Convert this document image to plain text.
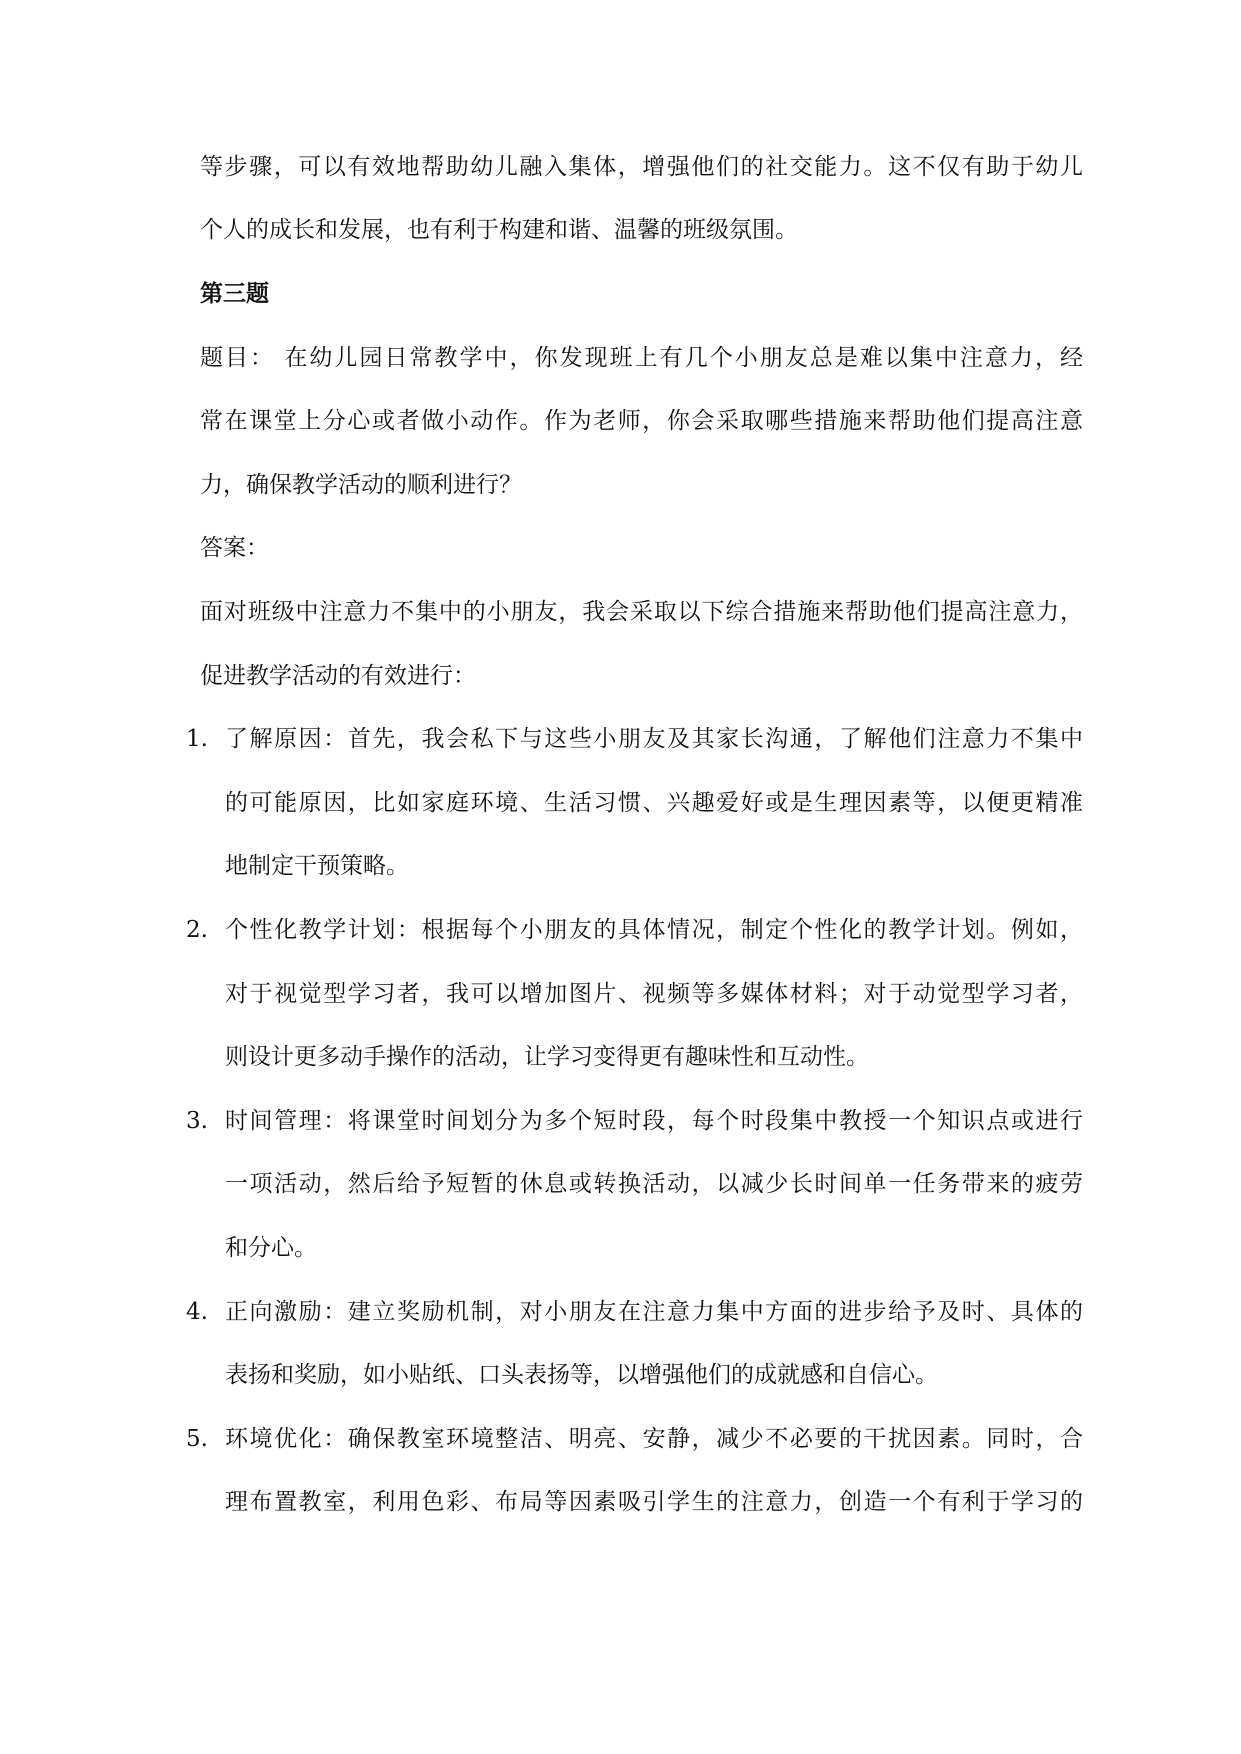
等步骤，可以有效地帮助幼儿融入集体，增强他们的社交能力。这不仅有助于幼儿
个人的成长和发展，也有利于构建和谐、温馨的班级氛围。
第三题
题目： 在幼儿园日常教学中，你发现班上有几个小朋友总是难以集中注意力，经
常在课堂上分心或者做小动作。作为老师，你会采取哪些措施来帮助他们提高注意
力，确保教学活动的顺利进行？
答案：
面对班级中注意力不集中的小朋友，我会采取以下综合措施来帮助他们提高注意力，
促进教学活动的有效进行：
1. 了解原因：首先，我会私下与这些小朋友及其家长沟通，了解他们注意力不集中
的可能原因，比如家庭环境、生活习惯、兴趣爱好或是生理因素等，以便更精准
地制定干预策略。
2. 个性化教学计划：根据每个小朋友的具体情况，制定个性化的教学计划。例如，
对于视觉型学习者，我可以增加图片、视频等多媒体材料；对于动觉型学习者，
则设计更多动手操作的活动，让学习变得更有趣味性和互动性。
3. 时间管理：将课堂时间划分为多个短时段，每个时段集中教授一个知识点或进行
一项活动，然后给予短暂的休息或转换活动，以减少长时间单一任务带来的疲劳
和分心。
4. 正向激励：建立奖励机制，对小朋友在注意力集中方面的进步给予及时、具体的
表扬和奖励，如小贴纸、口头表扬等，以增强他们的成就感和自信心。
5. 环境优化：确保教室环境整洁、明亮、安静，减少不必要的干扰因素。同时，合
理布置教室，利用色彩、布局等因素吸引学生的注意力，创造一个有利于学习的
